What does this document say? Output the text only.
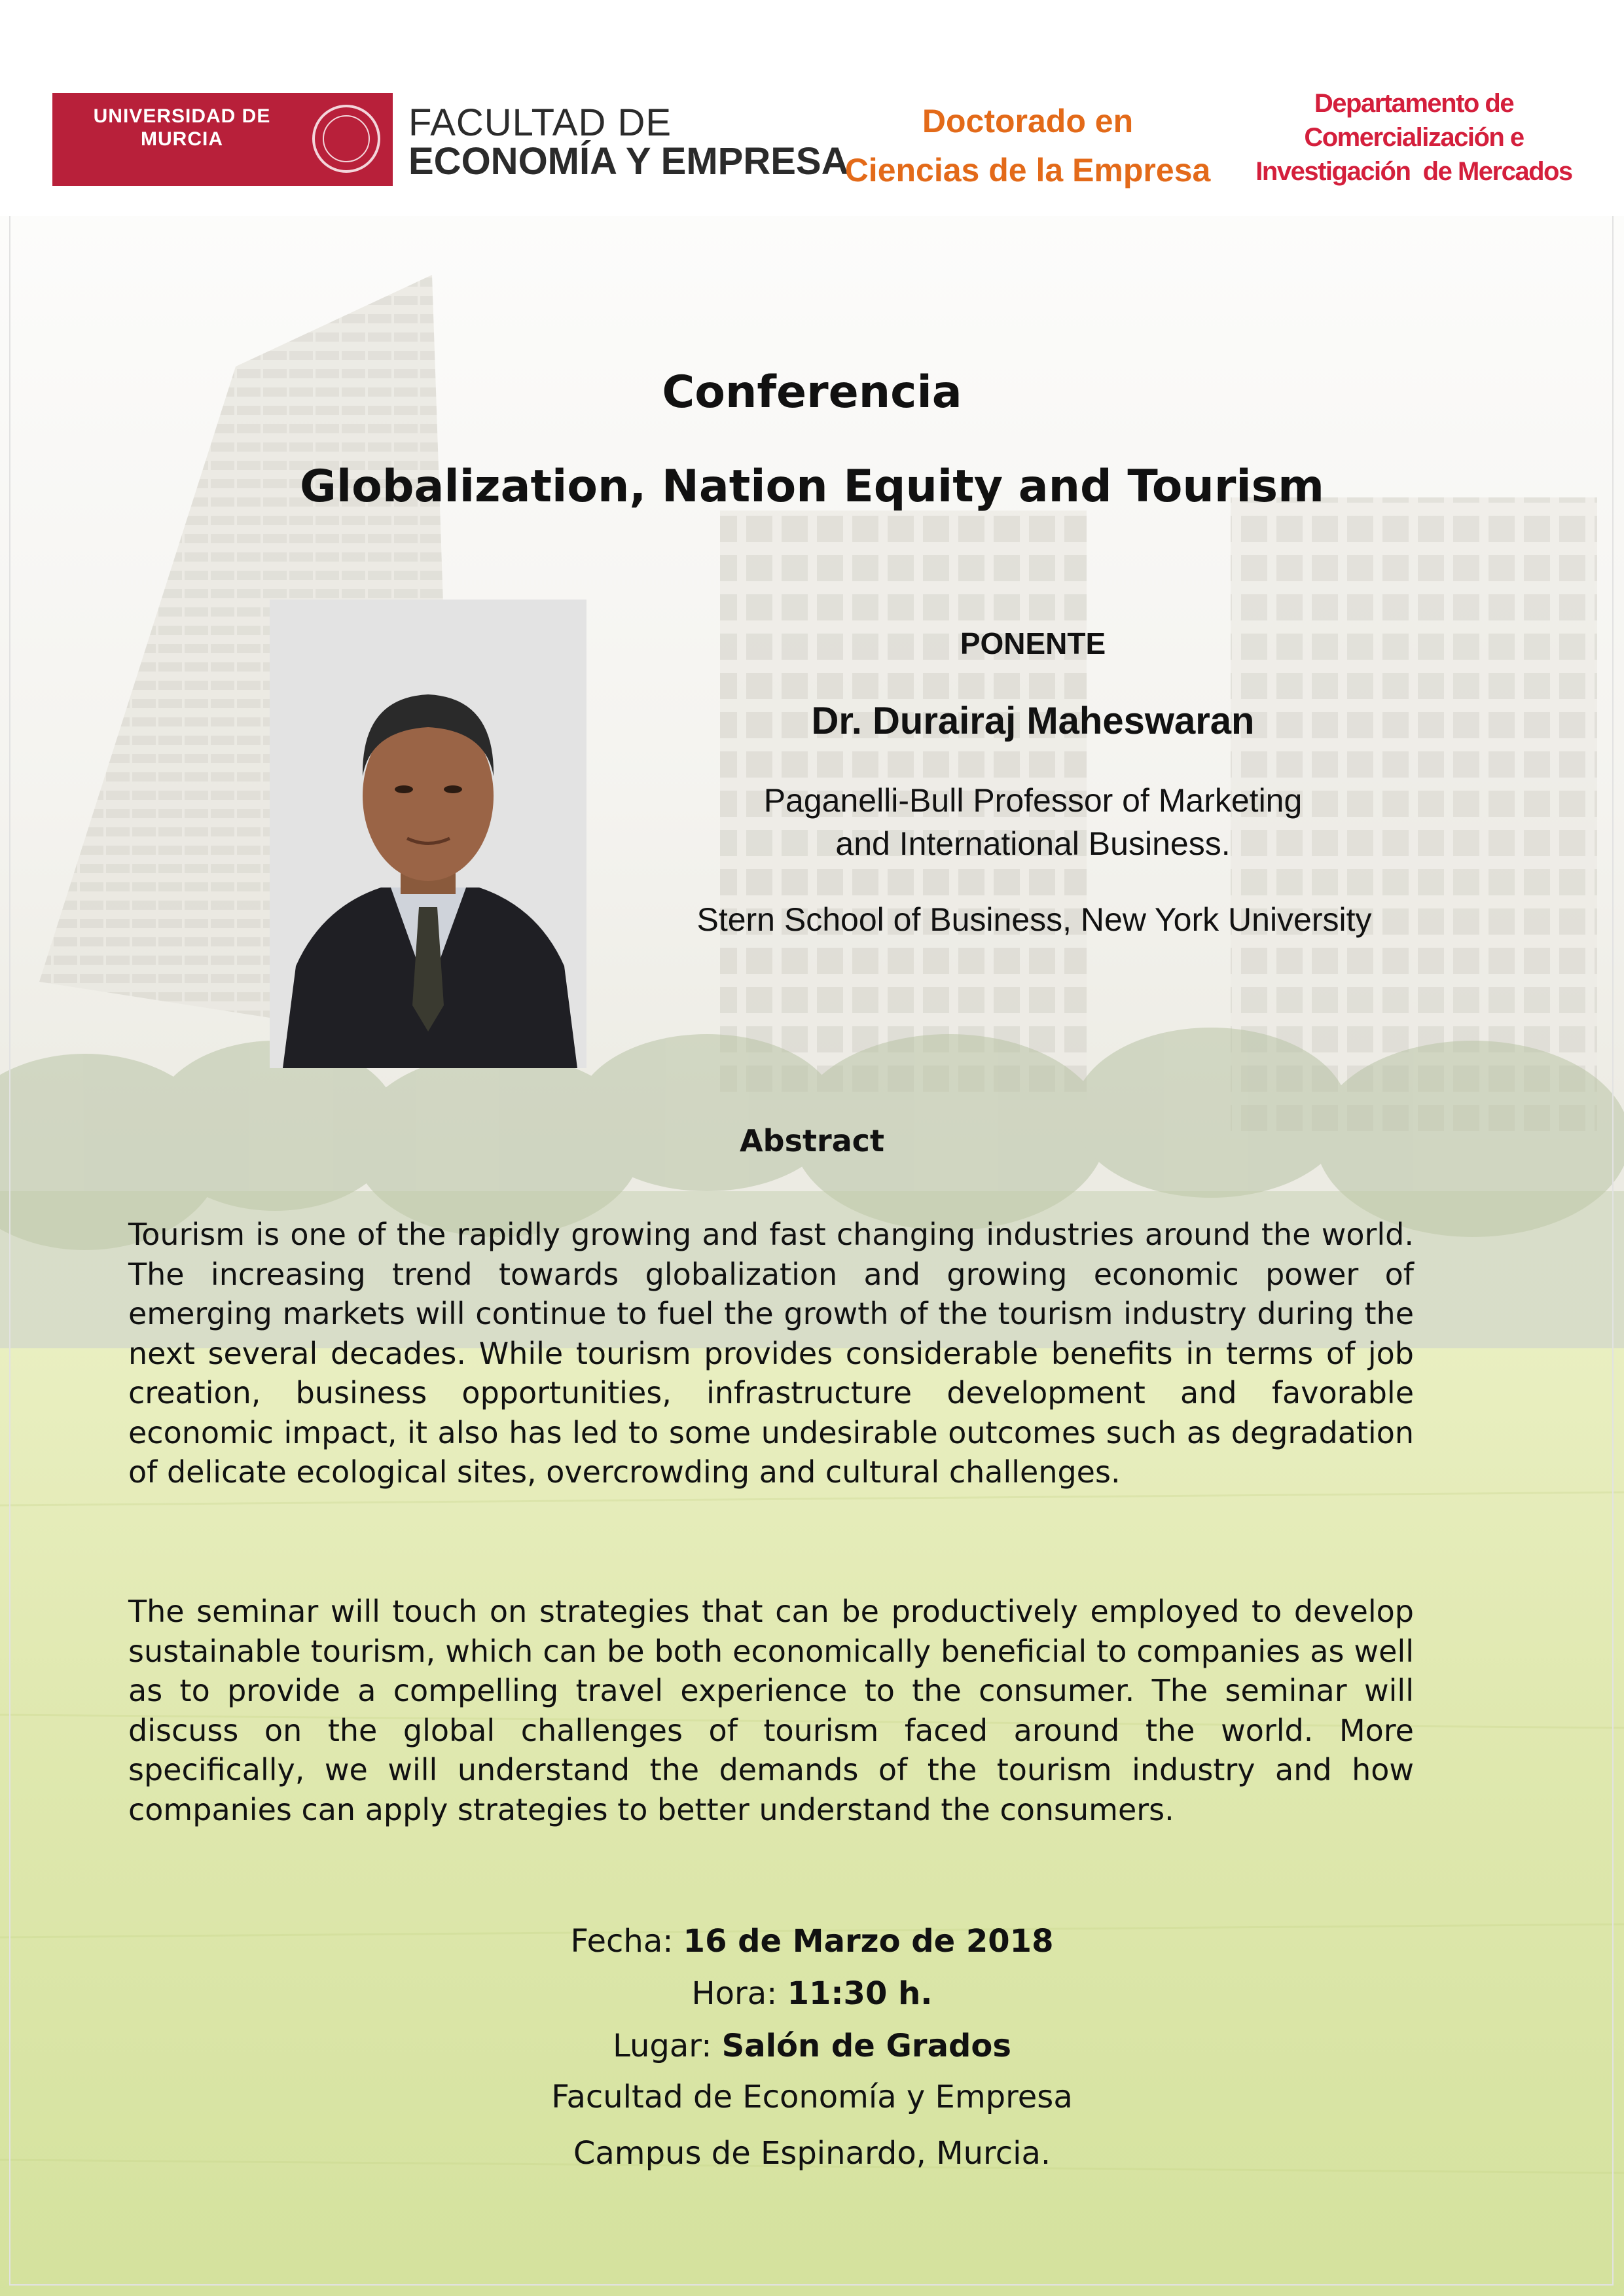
UNIVERSIDAD DE
MURCIA	FACULTAD DE
ECONOMÍA Y EMPRESA
Doctorado en
Ciencias de la Empresa
Departamento de
Comercialización e
Investigación  de Mercados
Conferencia
Globalization, Nation Equity and Tourism
PONENTE
Dr. Durairaj Maheswaran
Paganelli-Bull Professor of Marketing
and International Business.
Stern School of Business, New York University
Abstract

Tourism is one of the rapidly growing and fast changing industries around the world. The increasing trend towards globalization and growing economic power of emerging markets will continue to fuel the growth of the tourism industry during the next several decades. While tourism provides considerable benefits in terms of job creation, business opportunities, infrastructure development and favorable economic impact, it also has led to some undesirable outcomes such as degradation of delicate ecological sites, overcrowding and cultural challenges.

The seminar will touch on strategies that can be productively employed to develop sustainable tourism, which can be both economically beneficial to companies as well as to provide a compelling travel experience to the consumer. The seminar will discuss on the global challenges of tourism faced around the world. More specifically, we will understand the demands of the tourism industry and how companies can apply strategies to better understand the consumers.

Fecha: 16 de Marzo de 2018
Hora: 11:30 h.
Lugar: Salón de Grados
Facultad de Economía y Empresa
Campus de Espinardo, Murcia.
